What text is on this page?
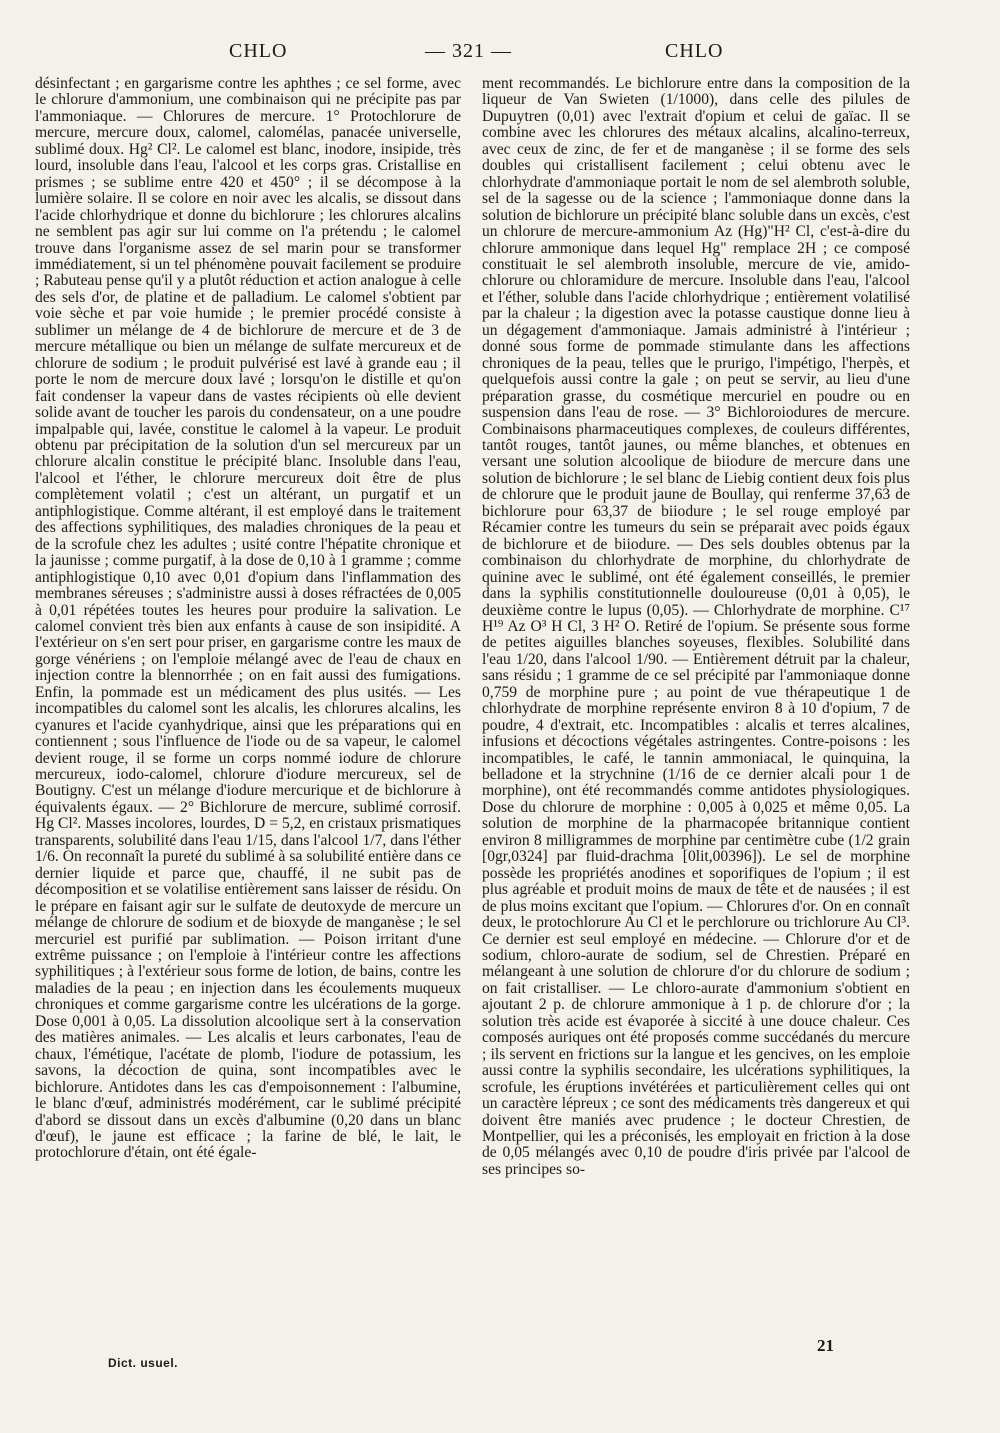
CHLO	— 321 —	CHLO

désinfectant ; en gargarisme contre les aphthes ; ce sel forme, avec le chlorure d'ammonium, une combinaison qui ne précipite pas par l'ammoniaque. — Chlorures de mercure. 1° Protochlorure de mercure, mercure doux, calomel, calomélas, panacée universelle, sublimé doux. Hg² Cl². Le calomel est blanc, inodore, insipide, très lourd, insoluble dans l'eau, l'alcool et les corps gras. Cristallise en prismes ; se sublime entre 420 et 450° ; il se décompose à la lumière solaire. Il se colore en noir avec les alcalis, se dissout dans l'acide chlorhydrique et donne du bichlorure ; les chlorures alcalins ne semblent pas agir sur lui comme on l'a prétendu ; le calomel trouve dans l'organisme assez de sel marin pour se transformer immédiatement, si un tel phénomène pouvait facilement se produire ; Rabuteau pense qu'il y a plutôt réduction et action analogue à celle des sels d'or, de platine et de palladium. Le calomel s'obtient par voie sèche et par voie humide ; le premier procédé consiste à sublimer un mélange de 4 de bichlorure de mercure et de 3 de mercure métallique ou bien un mélange de sulfate mercureux et de chlorure de sodium ; le produit pulvérisé est lavé à grande eau ; il porte le nom de mercure doux lavé ; lorsqu'on le distille et qu'on fait condenser la vapeur dans de vastes récipients où elle devient solide avant de toucher les parois du condensateur, on a une poudre impalpable qui, lavée, constitue le calomel à la vapeur. Le produit obtenu par précipitation de la solution d'un sel mercureux par un chlorure alcalin constitue le précipité blanc. Insoluble dans l'eau, l'alcool et l'éther, le chlorure mercureux doit être de plus complètement volatil ; c'est un altérant, un purgatif et un antiphlogistique. Comme altérant, il est employé dans le traitement des affections syphilitiques, des maladies chroniques de la peau et de la scrofule chez les adultes ; usité contre l'hépatite chronique et la jaunisse ; comme purgatif, à la dose de 0,10 à 1 gramme ; comme antiphlogistique 0,10 avec 0,01 d'opium dans l'inflammation des membranes séreuses ; s'administre aussi à doses réfractées de 0,005 à 0,01 répétées toutes les heures pour produire la salivation. Le calomel convient très bien aux enfants à cause de son insipidité. A l'extérieur on s'en sert pour priser, en gargarisme contre les maux de gorge vénériens ; on l'emploie mélangé avec de l'eau de chaux en injection contre la blennorrhée ; on en fait aussi des fumigations. Enfin, la pommade est un médicament des plus usités. — Les incompatibles du calomel sont les alcalis, les chlorures alcalins, les cyanures et l'acide cyanhydrique, ainsi que les préparations qui en contiennent ; sous l'influence de l'iode ou de sa vapeur, le calomel devient rouge, il se forme un corps nommé iodure de chlorure mercureux, iodo-calomel, chlorure d'iodure mercureux, sel de Boutigny. C'est un mélange d'iodure mercurique et de bichlorure à équivalents égaux. — 2° Bichlorure de mercure, sublimé corrosif. Hg Cl². Masses incolores, lourdes, D = 5,2, en cristaux prismatiques transparents, solubilité dans l'eau 1/15, dans l'alcool 1/7, dans l'éther 1/6. On reconnaît la pureté du sublimé à sa solubilité entière dans ce dernier liquide et parce que, chauffé, il ne subit pas de décomposition et se volatilise entièrement sans laisser de résidu. On le prépare en faisant agir sur le sulfate de deutoxyde de mercure un mélange de chlorure de sodium et de bioxyde de manganèse ; le sel mercuriel est purifié par sublimation. — Poison irritant d'une extrême puissance ; on l'emploie à l'intérieur contre les affections syphilitiques ; à l'extérieur sous forme de lotion, de bains, contre les maladies de la peau ; en injection dans les écoulements muqueux chroniques et comme gargarisme contre les ulcérations de la gorge. Dose 0,001 à 0,05. La dissolution alcoolique sert à la conservation des matières animales. — Les alcalis et leurs carbonates, l'eau de chaux, l'émétique, l'acétate de plomb, l'iodure de potassium, les savons, la décoction de quina, sont incompatibles avec le bichlorure. Antidotes dans les cas d'empoisonnement : l'albumine, le blanc d'œuf, administrés modérément, car le sublimé précipité d'abord se dissout dans un excès d'albumine (0,20 dans un blanc d'œuf), le jaune est efficace ; la farine de blé, le lait, le protochlorure d'étain, ont été égale-

ment recommandés. Le bichlorure entre dans la composition de la liqueur de Van Swieten (1/1000), dans celle des pilules de Dupuytren (0,01) avec l'extrait d'opium et celui de gaïac. Il se combine avec les chlorures des métaux alcalins, alcalino-terreux, avec ceux de zinc, de fer et de manganèse ; il se forme des sels doubles qui cristallisent facilement ; celui obtenu avec le chlorhydrate d'ammoniaque portait le nom de sel alembroth soluble, sel de la sagesse ou de la science ; l'ammoniaque donne dans la solution de bichlorure un précipité blanc soluble dans un excès, c'est un chlorure de mercure-ammonium Az (Hg)"H² Cl, c'est-à-dire du chlorure ammonique dans lequel Hg" remplace 2H ; ce composé constituait le sel alembroth insoluble, mercure de vie, amido-chlorure ou chloramidure de mercure. Insoluble dans l'eau, l'alcool et l'éther, soluble dans l'acide chlorhydrique ; entièrement volatilisé par la chaleur ; la digestion avec la potasse caustique donne lieu à un dégagement d'ammoniaque. Jamais administré à l'intérieur ; donné sous forme de pommade stimulante dans les affections chroniques de la peau, telles que le prurigo, l'impétigo, l'herpès, et quelquefois aussi contre la gale ; on peut se servir, au lieu d'une préparation grasse, du cosmétique mercuriel en poudre ou en suspension dans l'eau de rose. — 3° Bichloroiodures de mercure. Combinaisons pharmaceutiques complexes, de couleurs différentes, tantôt rouges, tantôt jaunes, ou même blanches, et obtenues en versant une solution alcoolique de biiodure de mercure dans une solution de bichlorure ; le sel blanc de Liebig contient deux fois plus de chlorure que le produit jaune de Boullay, qui renferme 37,63 de bichlorure pour 63,37 de biiodure ; le sel rouge employé par Récamier contre les tumeurs du sein se préparait avec poids égaux de bichlorure et de biiodure. — Des sels doubles obtenus par la combinaison du chlorhydrate de morphine, du chlorhydrate de quinine avec le sublimé, ont été également conseillés, le premier dans la syphilis constitutionnelle douloureuse (0,01 à 0,05), le deuxième contre le lupus (0,05). — Chlorhydrate de morphine. C¹⁷ H¹⁹ Az O³ H Cl, 3 H² O. Retiré de l'opium. Se présente sous forme de petites aiguilles blanches soyeuses, flexibles. Solubilité dans l'eau 1/20, dans l'alcool 1/90. — Entièrement détruit par la chaleur, sans résidu ; 1 gramme de ce sel précipité par l'ammoniaque donne 0,759 de morphine pure ; au point de vue thérapeutique 1 de chlorhydrate de morphine représente environ 8 à 10 d'opium, 7 de poudre, 4 d'extrait, etc. Incompatibles : alcalis et terres alcalines, infusions et décoctions végétales astringentes. Contre-poisons : les incompatibles, le café, le tannin ammoniacal, le quinquina, la belladone et la strychnine (1/16 de ce dernier alcali pour 1 de morphine), ont été recommandés comme antidotes physiologiques. Dose du chlorure de morphine : 0,005 à 0,025 et même 0,05. La solution de morphine de la pharmacopée britannique contient environ 8 milligrammes de morphine par centimètre cube (1/2 grain [0gr,0324] par fluid-drachma [0lit,00396]). Le sel de morphine possède les propriétés anodines et soporifiques de l'opium ; il est plus agréable et produit moins de maux de tête et de nausées ; il est de plus moins excitant que l'opium. — Chlorures d'or. On en connaît deux, le protochlorure Au Cl et le perchlorure ou trichlorure Au Cl³. Ce dernier est seul employé en médecine. — Chlorure d'or et de sodium, chloro-aurate de sodium, sel de Chrestien. Préparé en mélangeant à une solution de chlorure d'or du chlorure de sodium ; on fait cristalliser. — Le chloro-aurate d'ammonium s'obtient en ajoutant 2 p. de chlorure ammonique à 1 p. de chlorure d'or ; la solution très acide est évaporée à siccité à une douce chaleur. Ces composés auriques ont été proposés comme succédanés du mercure ; ils servent en frictions sur la langue et les gencives, on les emploie aussi contre la syphilis secondaire, les ulcérations syphilitiques, la scrofule, les éruptions invétérées et particulièrement celles qui ont un caractère lépreux ; ce sont des médicaments très dangereux et qui doivent être maniés avec prudence ; le docteur Chrestien, de Montpellier, qui les a préconisés, les employait en friction à la dose de 0,05 mélangés avec 0,10 de poudre d'iris privée par l'alcool de ses principes so-

21
Dict. usuel.
